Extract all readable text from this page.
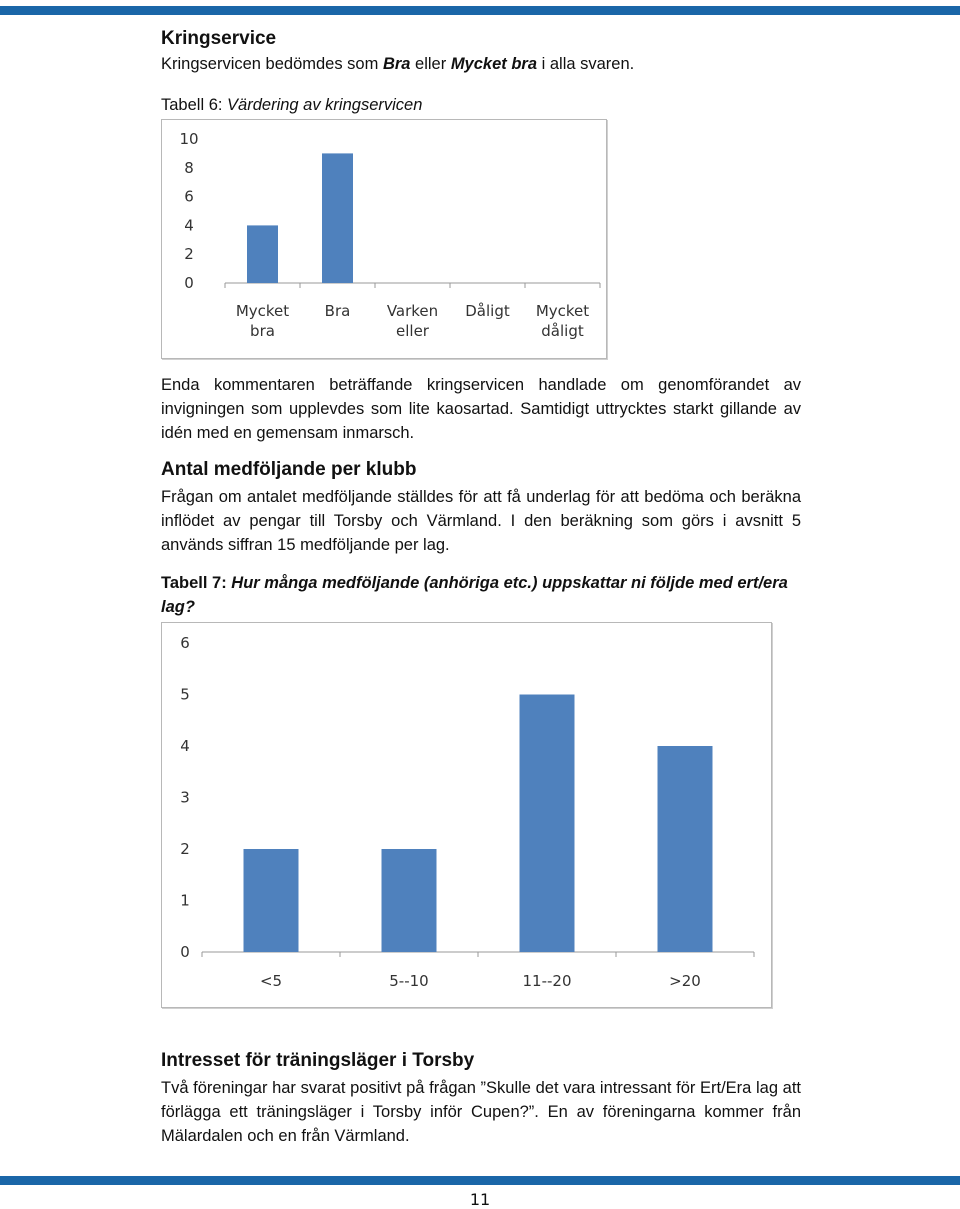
Kringservice

Kringservicen bedömdes som Bra eller Mycket bra i alla svaren.

Tabell 6: Värdering av kringservicen

0
2
4
6
8
10
Mycket
bra
Bra Varken
eller
Dåligt Mycket
dåligt

Enda kommentaren beträffande kringservicen handlade om genomförandet av invigningen som upplevdes som lite kaosartad. Samtidigt uttrycktes starkt gillande av idén med en gemensam inmarsch.

Antal medföljande per klubb

Frågan om antalet medföljande ställdes för att få underlag för att bedöma och beräkna inflödet av pengar till Torsby och Värmland. I den beräkning som görs i avsnitt 5 används siffran 15 medföljande per lag.

Tabell 7: Hur många medföljande (anhöriga etc.) uppskattar ni följde med ert/era lag?

0
1
2
3
4
5
6
<5	5--10	11--20	>20

Intresset för träningsläger i Torsby

Två föreningar har svarat positivt på frågan ”Skulle det vara intressant för Ert/Era lag att förlägga ett träningsläger i Torsby inför Cupen?”. En av föreningarna kommer från Mälardalen och en från Värmland.

11
